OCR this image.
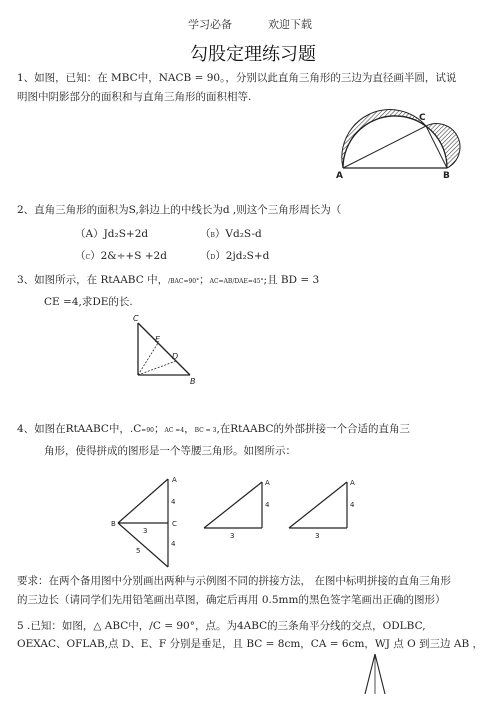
学习必备	欢迎下载
勾股定理练习题
1、如图，已知：在 MBC中，NACB = 90。，分别以此直角三角形的三边为直径画半圆，试说
明图中阴影部分的面积和与直角三角形的面积相等.
A	B
C
2、直角三角形的面积为S,斜边上的中线长为d ,则这个三角形周长为（
（A）Jd₂S+2d	（B）Vd₂S-d
（C）2&÷+S +2d	（D）2jd₂S+d
3、如图所示，在 RtAABC 中，/BAC=90°；AC=AB/DAE=45°;且 BD = 3
CE =4,求DE的长.
C
E
D
B
4、如图在RtAABC中，.C=90；AC =4，BC = 3,在RtAABC的外部拼接一个合适的直角三
角形，使得拼成的图形是一个等腰三角形。如图所示：
A
B	C
3
4
4
5
A
4
3
A
4
3
要求：在两个备用图中分别画出两种与示例图不同的拼接方法， 在图中标明拼接的直角三角形
的三边长（请同学们先用铅笔画出草图，确定后再用 0.5mm的黑色签字笔画出正确的图形）
5 .已知：如图，△ ABC中，/C = 90°，点。为4ABC的三条角平分线的交点，ODLBC,
OEXAC、OFLAB,点 D、E、F 分别是垂足，且 BC = 8cm，CA = 6cm，WJ 点 O 到三边 AB ，
